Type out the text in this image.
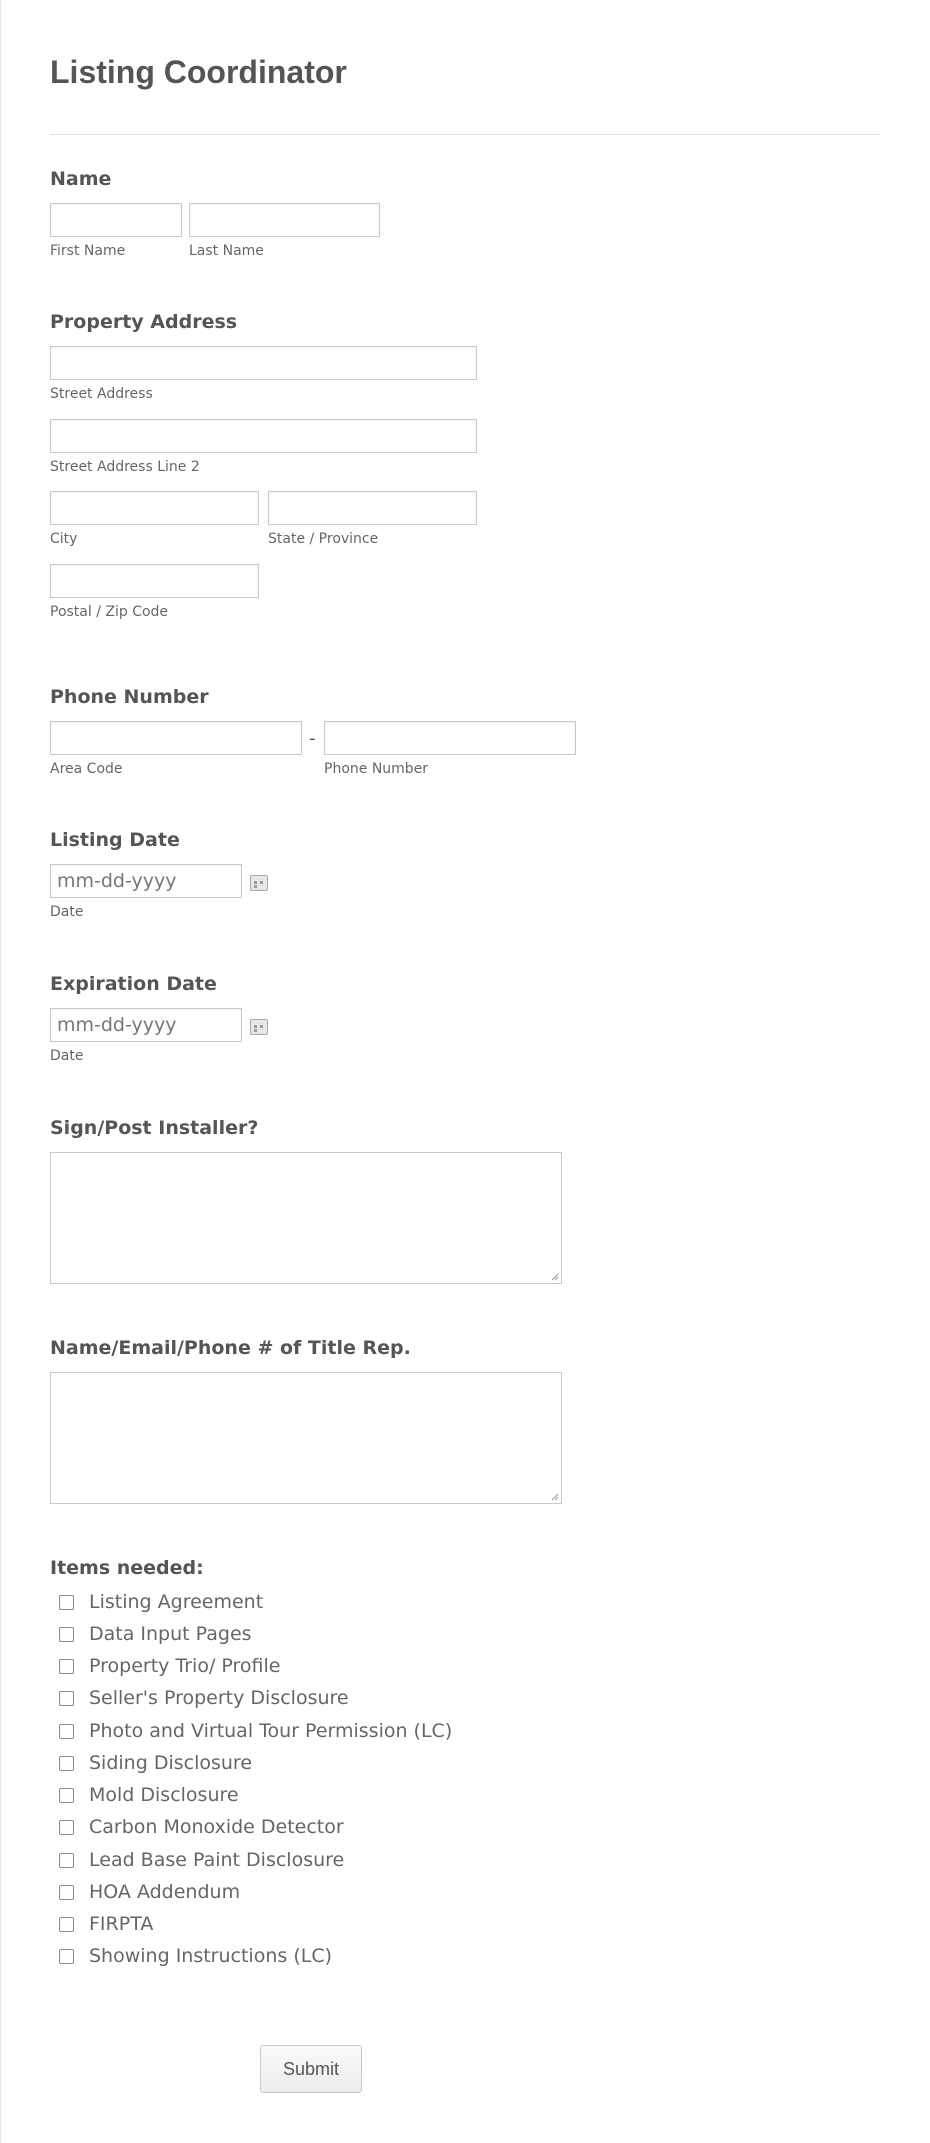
Listing Coordinator
Name
First Name	Last Name
Property Address
Street Address
Street Address Line 2
City	State / Province
Postal / Zip Code
Phone Number
-
Area Code	Phone Number
Listing Date
mm-dd-yyyy
Date
Expiration Date
mm-dd-yyyy
Date
Sign/Post Installer?
Name/Email/Phone # of Title Rep.
Items needed:
Listing Agreement
Data Input Pages
Property Trio/ Profile
Seller's Property Disclosure
Photo and Virtual Tour Permission (LC)
Siding Disclosure
Mold Disclosure
Carbon Monoxide Detector
Lead Base Paint Disclosure
HOA Addendum
FIRPTA
Showing Instructions (LC)
Submit
